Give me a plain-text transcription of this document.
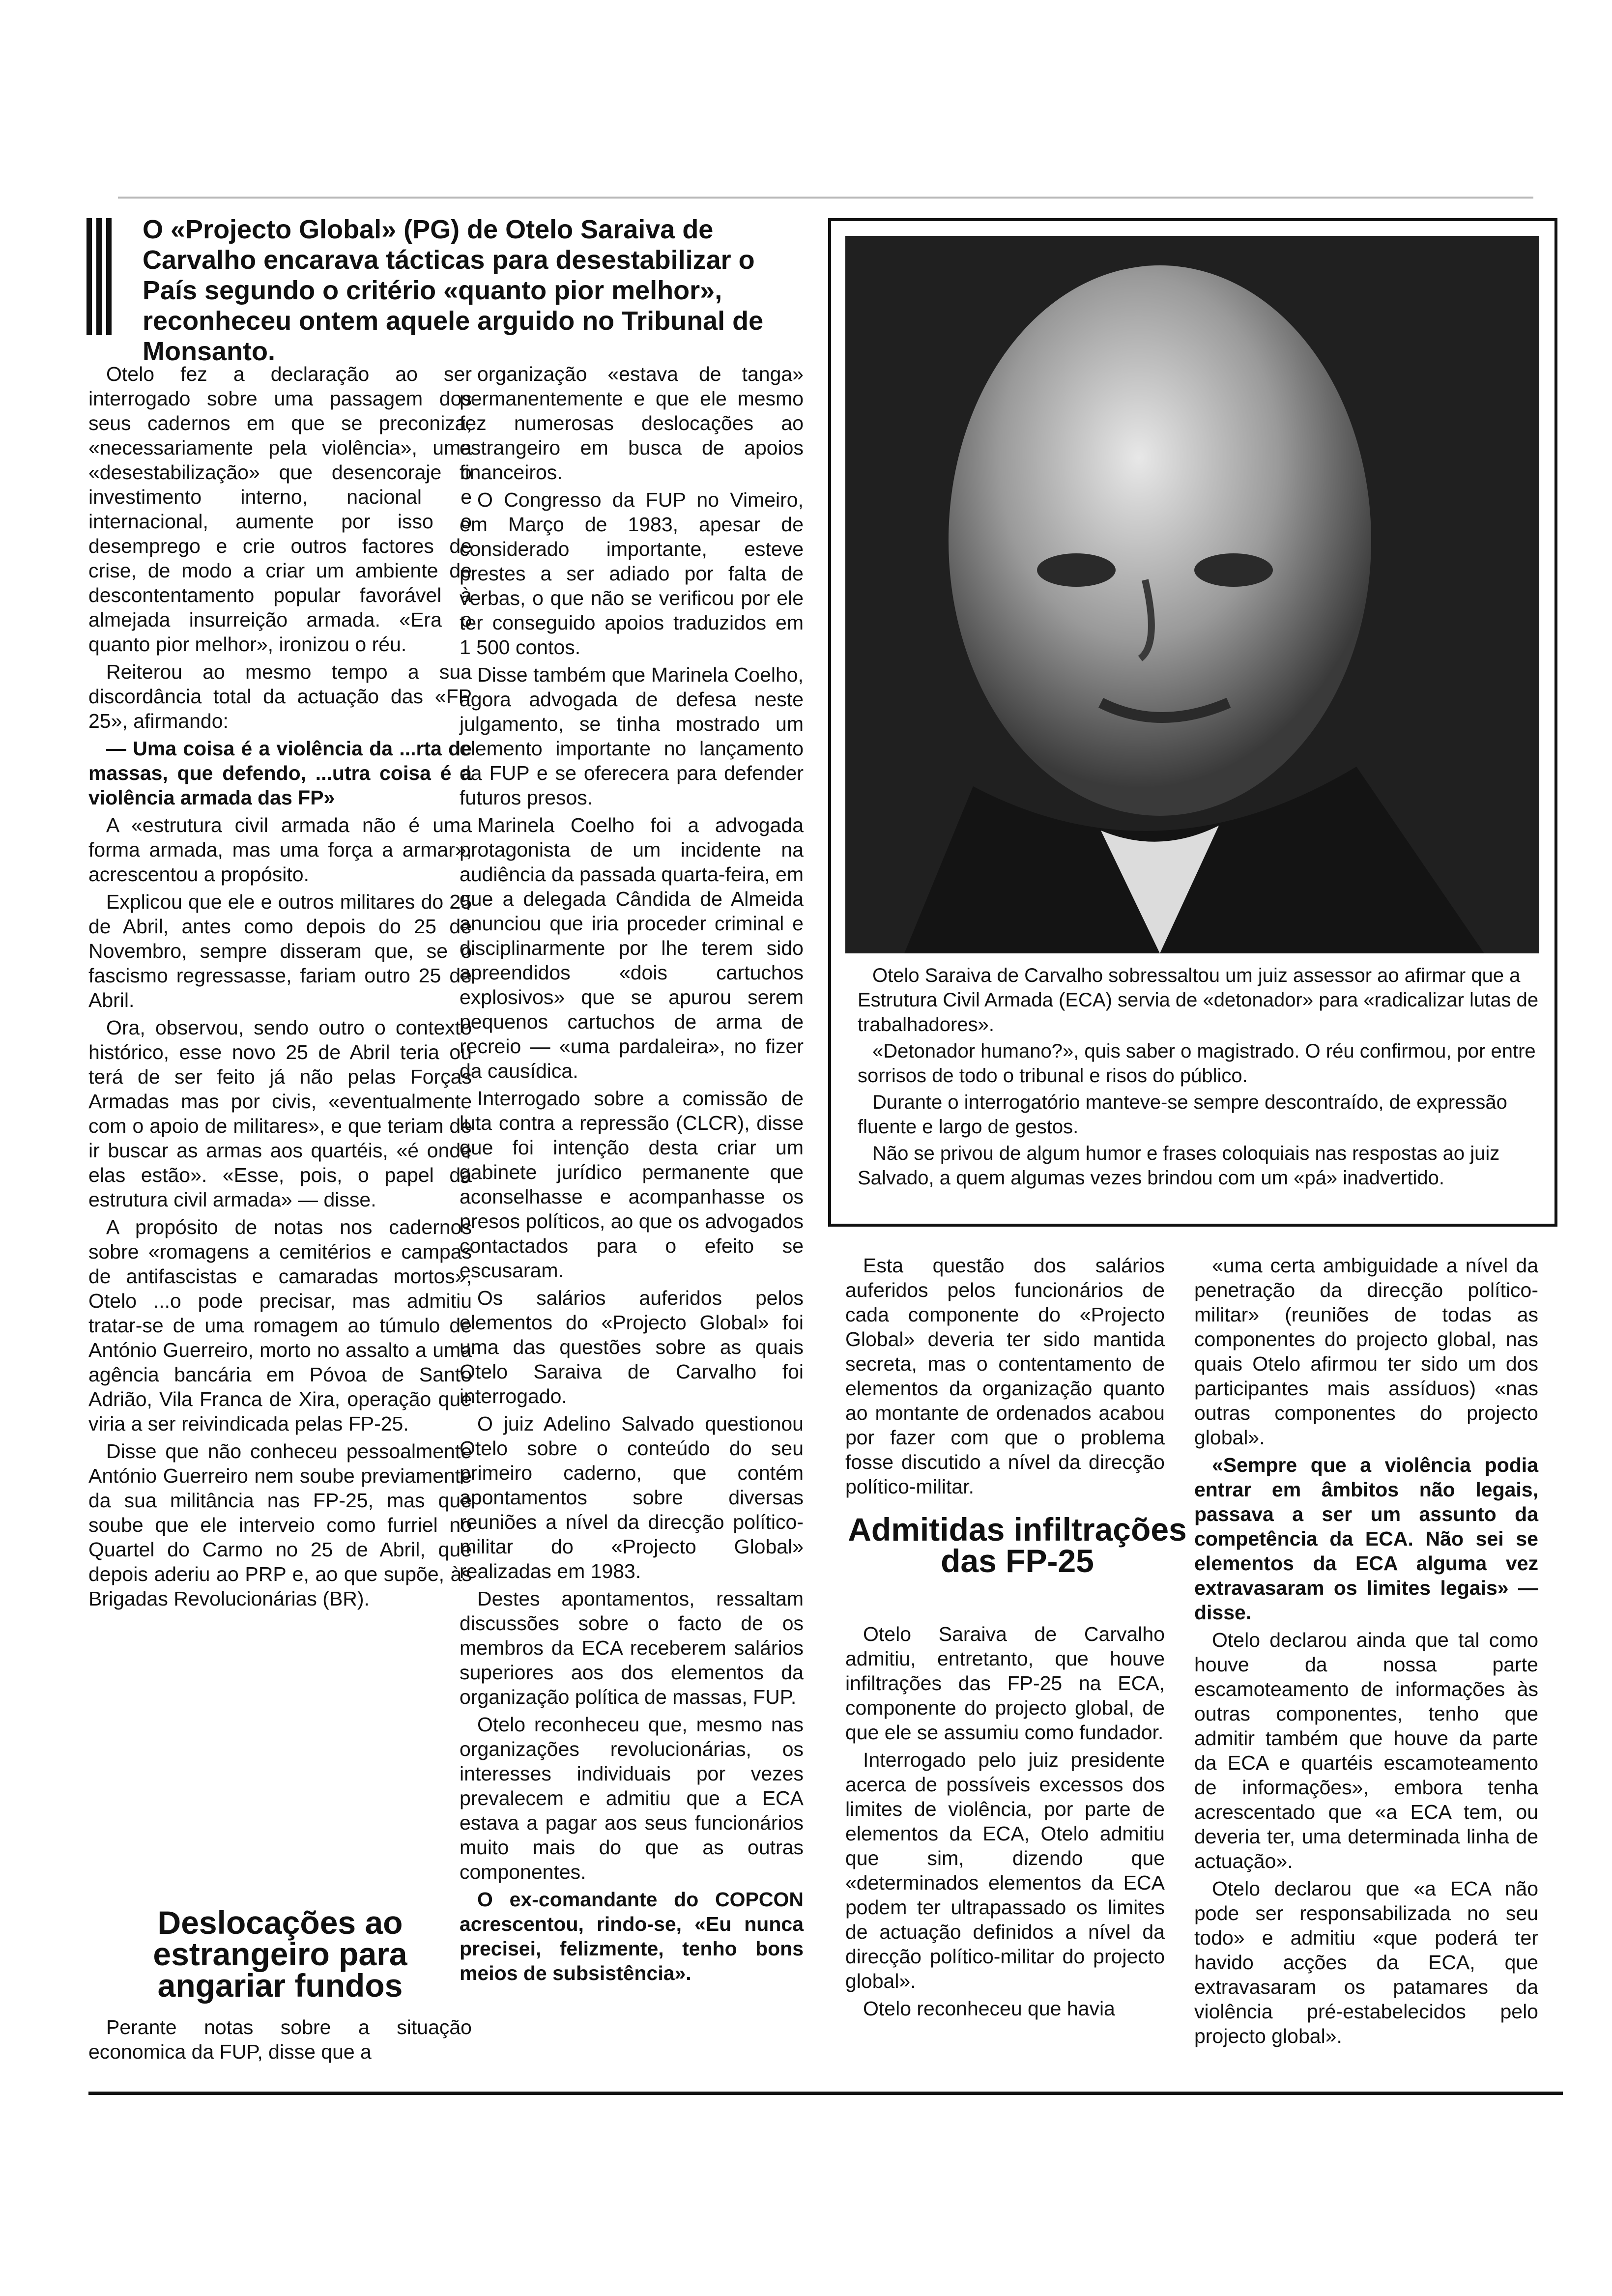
O «Projecto Global» (PG) de Otelo Saraiva de Carvalho encarava tácticas para desestabilizar o País segundo o critério «quanto pior melhor», reconheceu ontem aquele arguido no Tribunal de Monsanto.

Otelo fez a declaração ao ser interrogado sobre uma passagem dos seus cadernos em que se preconiza, «necessariamente pela violência», uma «desestabilização» que desencoraje o investimento interno, nacional e internacional, aumente por isso o desemprego e crie outros factores de crise, de modo a criar um ambiente de descontentamento popular favorável à almejada insurreição armada. «Era o quanto pior melhor», ironizou o réu.

Reiterou ao mesmo tempo a sua discordância total da actuação das «FP 25», afirmando:

— Uma coisa é a violência da ...rta de massas, que defendo, ...utra coisa é a violência armada das FP»

A «estrutura civil armada não é uma forma armada, mas uma força a armar», acrescentou a propósito.

Explicou que ele e outros militares do 25 de Abril, antes como depois do 25 de Novembro, sempre disseram que, se o fascismo regressasse, fariam outro 25 de Abril.

Ora, observou, sendo outro o contexto histórico, esse novo 25 de Abril teria ou terá de ser feito já não pelas Forças Armadas mas por civis, «eventualmente com o apoio de militares», e que teriam de ir buscar as armas aos quartéis, «é onde elas estão». «Esse, pois, o papel da estrutura civil armada» — disse.

A propósito de notas nos cadernos sobre «romagens a cemitérios e campas de antifascistas e camaradas mortos», Otelo ...o pode precisar, mas admitiu tratar-se de uma romagem ao túmulo de António Guerreiro, morto no assalto a uma agência bancária em Póvoa de Santo Adrião, Vila Franca de Xira, operação que viria a ser reivindicada pelas FP-25.

Disse que não conheceu pessoalmente António Guerreiro nem soube previamente da sua militância nas FP-25, mas que soube que ele interveio como furriel no Quartel do Carmo no 25 de Abril, que depois aderiu ao PRP e, ao que supõe, às Brigadas Revolucionárias (BR).

Deslocações ao estrangeiro para angariar fundos

Perante notas sobre a situação economica da FUP, disse que a

organização «estava de tanga» permanentemente e que ele mesmo fez numerosas deslocações ao estrangeiro em busca de apoios financeiros.

O Congresso da FUP no Vimeiro, em Março de 1983, apesar de considerado importante, esteve prestes a ser adiado por falta de verbas, o que não se verificou por ele ter conseguido apoios traduzidos em 1 500 contos.

Disse também que Marinela Coelho, agora advogada de defesa neste julgamento, se tinha mostrado um elemento importante no lançamento da FUP e se oferecera para defender futuros presos.

Marinela Coelho foi a advogada protagonista de um incidente na audiência da passada quarta-feira, em que a delegada Cândida de Almeida anunciou que iria proceder criminal e disciplinarmente por lhe terem sido apreendidos «dois cartuchos explosivos» que se apurou serem pequenos cartuchos de arma de recreio — «uma pardaleira», no fizer da causídica.

Interrogado sobre a comissão de luta contra a repressão (CLCR), disse que foi intenção desta criar um gabinete jurídico permanente que aconselhasse e acompanhasse os presos políticos, ao que os advogados contactados para o efeito se escusaram.

Os salários auferidos pelos elementos do «Projecto Global» foi uma das questões sobre as quais Otelo Saraiva de Carvalho foi interrogado.

O juiz Adelino Salvado questionou Otelo sobre o conteúdo do seu primeiro caderno, que contém apontamentos sobre diversas reuniões a nível da direcção político-militar do «Projecto Global» realizadas em 1983.

Destes apontamentos, ressaltam discussões sobre o facto de os membros da ECA receberem salários superiores aos dos elementos da organização política de massas, FUP.

Otelo reconheceu que, mesmo nas organizações revolucionárias, os interesses individuais por vezes prevalecem e admitiu que a ECA estava a pagar aos seus funcionários muito mais do que as outras componentes.

O ex-comandante do COPCON acrescentou, rindo-se, «Eu nunca precisei, felizmente, tenho bons meios de subsistência».

Otelo Saraiva de Carvalho sobressaltou um juiz assessor ao afirmar que a Estrutura Civil Armada (ECA) servia de «detonador» para «radicalizar lutas de trabalhadores».

«Detonador humano?», quis saber o magistrado. O réu confirmou, por entre sorrisos de todo o tribunal e risos do público.

Durante o interrogatório manteve-se sempre descontraído, de expressão fluente e largo de gestos.

Não se privou de algum humor e frases coloquiais nas respostas ao juiz Salvado, a quem algumas vezes brindou com um «pá» inadvertido.

Esta questão dos salários auferidos pelos funcionários de cada componente do «Projecto Global» deveria ter sido mantida secreta, mas o contentamento de elementos da organização quanto ao montante de ordenados acabou por fazer com que o problema fosse discutido a nível da direcção político-militar.

Admitidas infiltrações das FP-25

Otelo Saraiva de Carvalho admitiu, entretanto, que houve infiltrações das FP-25 na ECA, componente do projecto global, de que ele se assumiu como fundador.

Interrogado pelo juiz presidente acerca de possíveis excessos dos limites de violência, por parte de elementos da ECA, Otelo admitiu que sim, dizendo que «determinados elementos da ECA podem ter ultrapassado os limites de actuação definidos a nível da direcção político-militar do projecto global».

Otelo reconheceu que havia

«uma certa ambiguidade a nível da penetração da direcção político-militar» (reuniões de todas as componentes do projecto global, nas quais Otelo afirmou ter sido um dos participantes mais assíduos) «nas outras componentes do projecto global».

«Sempre que a violência podia entrar em âmbitos não legais, passava a ser um assunto da competência da ECA. Não sei se elementos da ECA alguma vez extravasaram os limites legais» — disse.

Otelo declarou ainda que tal como houve da nossa parte escamoteamento de informações às outras componentes, tenho que admitir também que houve da parte da ECA e quartéis escamoteamento de informações», embora tenha acrescentado que «a ECA tem, ou deveria ter, uma determinada linha de actuação».

Otelo declarou que «a ECA não pode ser responsabilizada no seu todo» e admitiu «que poderá ter havido acções da ECA, que extravasaram os patamares da violência pré-estabelecidos pelo projecto global».
